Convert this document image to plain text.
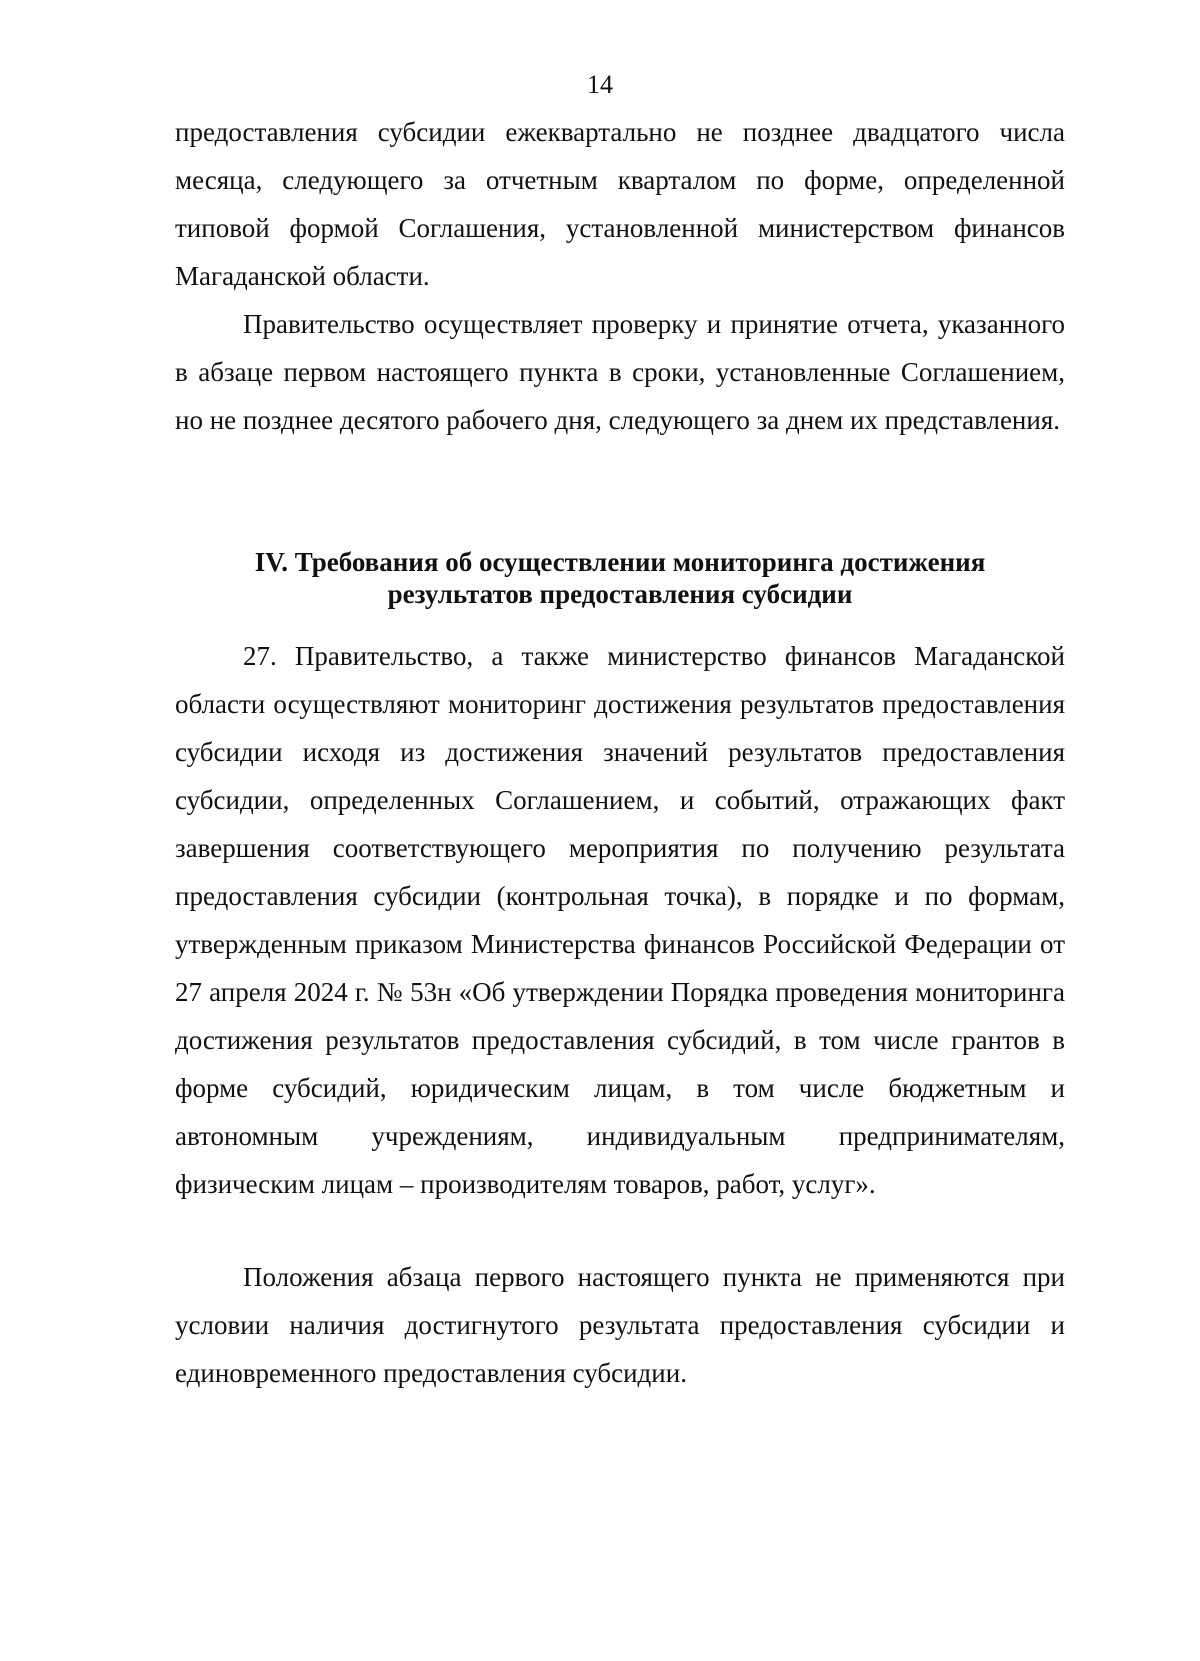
14
предоставления субсидии ежеквартально не позднее двадцатого числа месяца, следующего за отчетным кварталом по форме, определенной типовой формой Соглашения, установленной министерством финансов Магаданской области.
Правительство осуществляет проверку и принятие отчета, указанного в абзаце первом настоящего пункта в сроки, установленные Соглашением, но не позднее десятого рабочего дня, следующего за днем их представления.
IV. Требования об осуществлении мониторинга достижения
результатов предоставления субсидии
27. Правительство, а также министерство финансов Магаданской области осуществляют мониторинг достижения результатов предоставления субсидии исходя из достижения значений результатов предоставления субсидии, определенных Соглашением, и событий, отражающих факт завершения соответствующего мероприятия по получению результата предоставления субсидии (контрольная точка), в порядке и по формам, утвержденным приказом Министерства финансов Российской Федерации от 27 апреля 2024 г. № 53н «Об утверждении Порядка проведения мониторинга достижения результатов предоставления субсидий, в том числе грантов в форме субсидий, юридическим лицам, в том числе бюджетным и автономным учреждениям, индивидуальным предпринимателям, физическим лицам – производителям товаров, работ, услуг».
Положения абзаца первого настоящего пункта не применяются при условии наличия достигнутого результата предоставления субсидии и единовременного предоставления субсидии.
